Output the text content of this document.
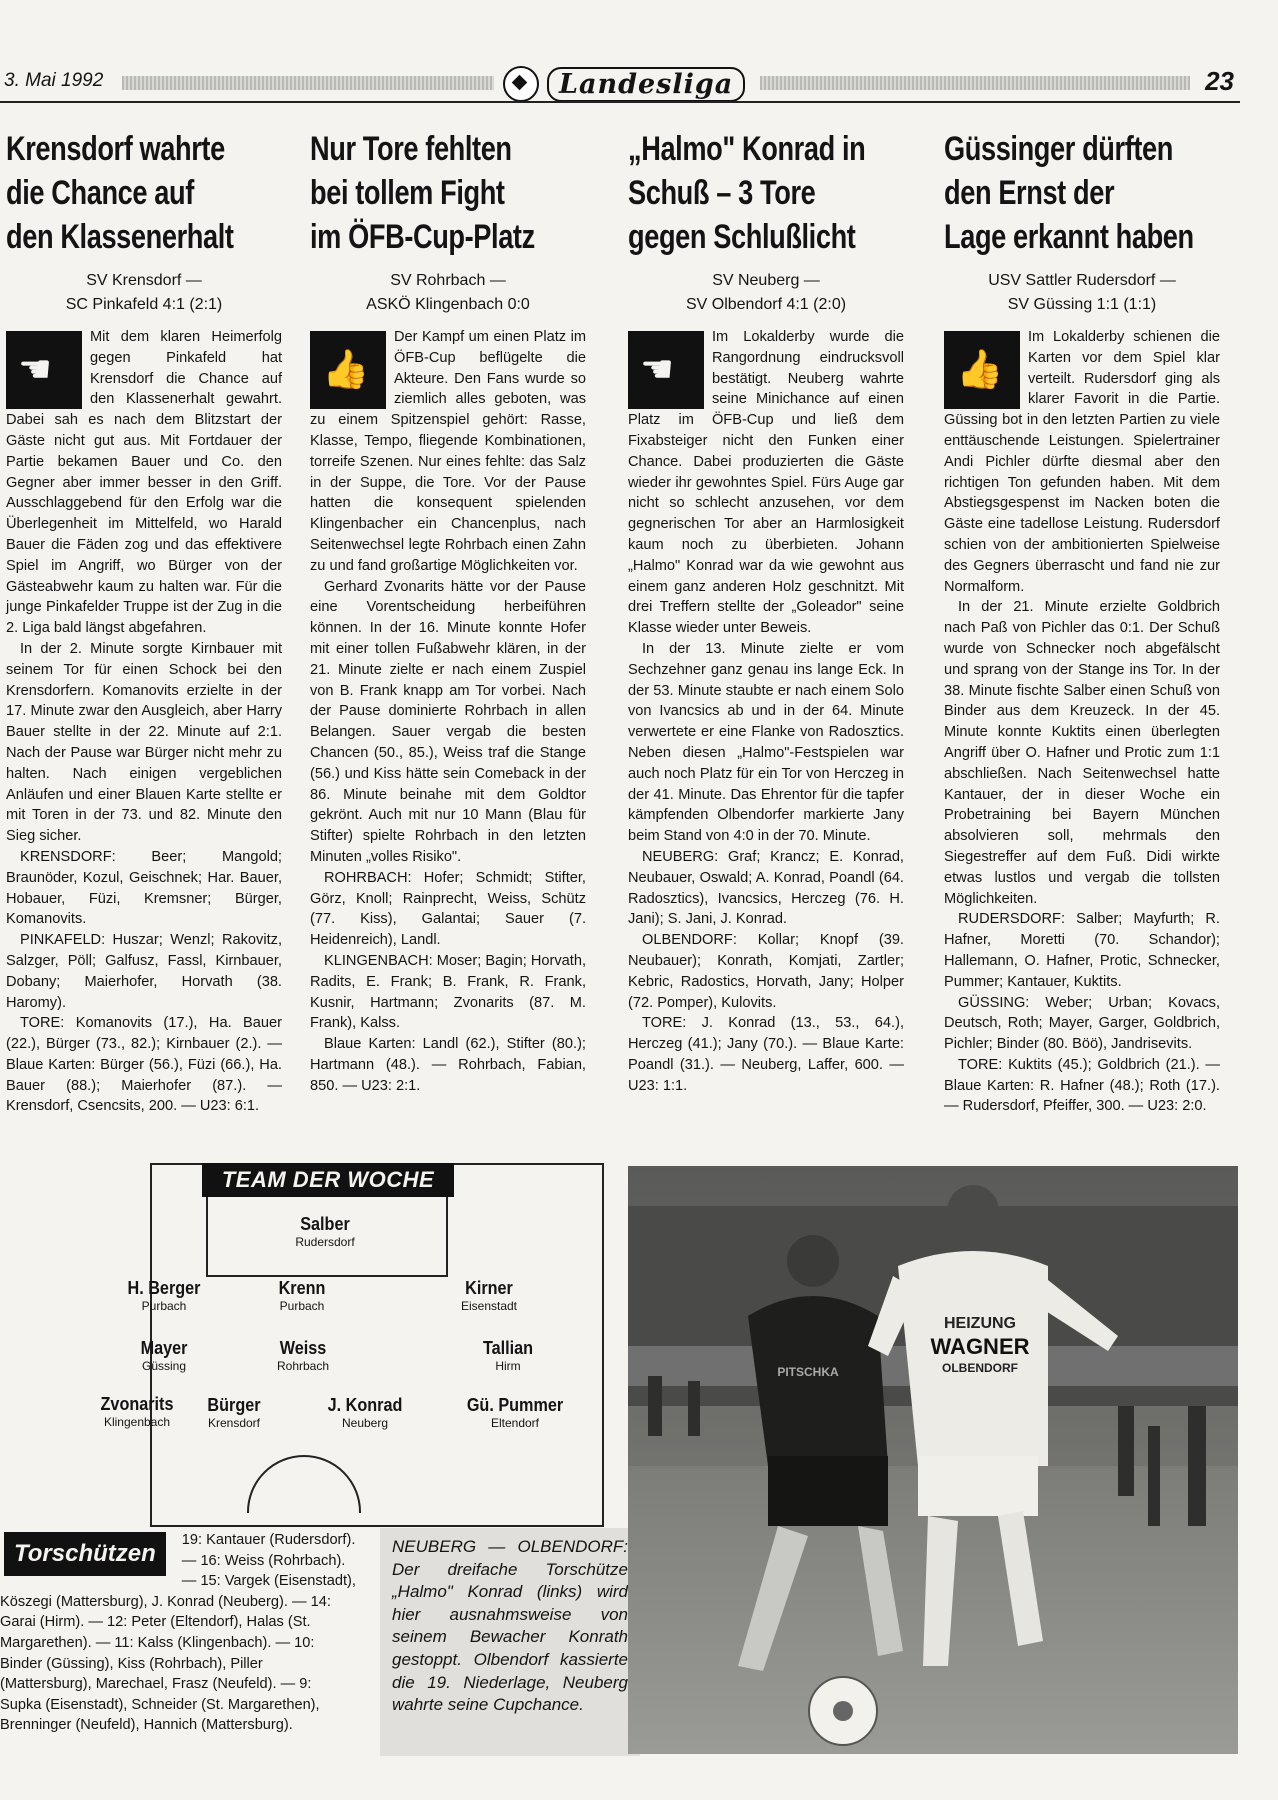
3. Mai 1992	Landesliga	23
Krensdorf wahrte
die Chance auf
den Klassenerhalt
SV Krensdorf —
SC Pinkafeld 4:1 (2:1)
☚

Mit dem klaren Heimerfolg gegen Pinkafeld hat Krensdorf die Chance auf den Klassenerhalt gewahrt. Dabei sah es nach dem Blitzstart der Gäste nicht gut aus. Mit Fortdauer der Partie bekamen Bauer und Co. den Gegner aber immer besser in den Griff. Ausschlaggebend für den Erfolg war die Überlegenheit im Mittelfeld, wo Harald Bauer die Fäden zog und das effektivere Spiel im Angriff, wo Bürger von der Gästeabwehr kaum zu halten war. Für die junge Pinkafelder Truppe ist der Zug in die 2. Liga bald längst abgefahren.

In der 2. Minute sorgte Kirnbauer mit seinem Tor für einen Schock bei den Krensdorfern. Komanovits erzielte in der 17. Minute zwar den Ausgleich, aber Harry Bauer stellte in der 22. Minute auf 2:1. Nach der Pause war Bürger nicht mehr zu halten. Nach einigen vergeblichen Anläufen und einer Blauen Karte stellte er mit Toren in der 73. und 82. Minute den Sieg sicher.

KRENSDORF: Beer; Mangold; Braunöder, Kozul, Geischnek; Har. Bauer, Hobauer, Füzi, Kremsner; Bürger, Komanovits.

PINKAFELD: Huszar; Wenzl; Rakovitz, Salzger, Pöll; Galfusz, Fassl, Kirnbauer, Dobany; Maierhofer, Horvath (38. Haromy).

TORE: Komanovits (17.), Ha. Bauer (22.), Bürger (73., 82.); Kirnbauer (2.). — Blaue Karten: Bürger (56.), Füzi (66.), Ha. Bauer (88.); Maierhofer (87.). — Krensdorf, Csencsits, 200. — U23: 6:1.

Nur Tore fehlten
bei tollem Fight
im ÖFB-Cup-Platz
SV Rohrbach —
ASKÖ Klingenbach 0:0
👍

Der Kampf um einen Platz im ÖFB-Cup beflügelte die Akteure. Den Fans wurde so ziemlich alles geboten, was zu einem Spitzenspiel gehört: Rasse, Klasse, Tempo, fliegende Kombinationen, torreife Szenen. Nur eines fehlte: das Salz in der Suppe, die Tore. Vor der Pause hatten die konsequent spielenden Klingenbacher ein Chancenplus, nach Seitenwechsel legte Rohrbach einen Zahn zu und fand großartige Möglichkeiten vor.

Gerhard Zvonarits hätte vor der Pause eine Vorentscheidung herbeiführen können. In der 16. Minute konnte Hofer mit einer tollen Fußabwehr klären, in der 21. Minute zielte er nach einem Zuspiel von B. Frank knapp am Tor vorbei. Nach der Pause dominierte Rohrbach in allen Belangen. Sauer vergab die besten Chancen (50., 85.), Weiss traf die Stange (56.) und Kiss hätte sein Comeback in der 86. Minute beinahe mit dem Goldtor gekrönt. Auch mit nur 10 Mann (Blau für Stifter) spielte Rohrbach in den letzten Minuten „volles Risiko".

ROHRBACH: Hofer; Schmidt; Stifter, Görz, Knoll; Rainprecht, Weiss, Schütz (77. Kiss), Galantai; Sauer (7. Heidenreich), Landl.

KLINGENBACH: Moser; Bagin; Horvath, Radits, E. Frank; B. Frank, R. Frank, Kusnir, Hartmann; Zvonarits (87. M. Frank), Kalss.

Blaue Karten: Landl (62.), Stifter (80.); Hartmann (48.). — Rohrbach, Fabian, 850. — U23: 2:1.

„Halmo" Konrad in
Schuß – 3 Tore
gegen Schlußlicht
SV Neuberg —
SV Olbendorf 4:1 (2:0)
☚

Im Lokalderby wurde die Rangordnung eindrucksvoll bestätigt. Neuberg wahrte seine Minichance auf einen Platz im ÖFB-Cup und ließ dem Fixabsteiger nicht den Funken einer Chance. Dabei produzierten die Gäste wieder ihr gewohntes Spiel. Fürs Auge gar nicht so schlecht anzusehen, vor dem gegnerischen Tor aber an Harmlosigkeit kaum noch zu überbieten. Johann „Halmo" Konrad war da wie gewohnt aus einem ganz anderen Holz geschnitzt. Mit drei Treffern stellte der „Goleador" seine Klasse wieder unter Beweis.

In der 13. Minute zielte er vom Sechzehner ganz genau ins lange Eck. In der 53. Minute staubte er nach einem Solo von Ivancsics ab und in der 64. Minute verwertete er eine Flanke von Radosztics. Neben diesen „Halmo"-Festspielen war auch noch Platz für ein Tor von Herczeg in der 41. Minute. Das Ehrentor für die tapfer kämpfenden Olbendorfer markierte Jany beim Stand von 4:0 in der 70. Minute.

NEUBERG: Graf; Krancz; E. Konrad, Neubauer, Oswald; A. Konrad, Poandl (64. Radosztics), Ivancsics, Herczeg (76. H. Jani); S. Jani, J. Konrad.

OLBENDORF: Kollar; Knopf (39. Neubauer); Konrath, Komjati, Zartler; Kebric, Radostics, Horvath, Jany; Holper (72. Pomper), Kulovits.

TORE: J. Konrad (13., 53., 64.), Herczeg (41.); Jany (70.). — Blaue Karte: Poandl (31.). — Neuberg, Laffer, 600. — U23: 1:1.

Güssinger dürften
den Ernst der
Lage erkannt haben
USV Sattler Rudersdorf —
SV Güssing 1:1 (1:1)
👍

Im Lokalderby schienen die Karten vor dem Spiel klar verteilt. Rudersdorf ging als klarer Favorit in die Partie. Güssing bot in den letzten Partien zu viele enttäuschende Leistungen. Spielertrainer Andi Pichler dürfte diesmal aber den richtigen Ton gefunden haben. Mit dem Abstiegsgespenst im Nacken boten die Gäste eine tadellose Leistung. Rudersdorf schien von der ambitionierten Spielweise des Gegners überrascht und fand nie zur Normalform.

In der 21. Minute erzielte Goldbrich nach Paß von Pichler das 0:1. Der Schuß wurde von Schnecker noch abgefälscht und sprang von der Stange ins Tor. In der 38. Minute fischte Salber einen Schuß von Binder aus dem Kreuzeck. In der 45. Minute konnte Kuktits einen überlegten Angriff über O. Hafner und Protic zum 1:1 abschließen. Nach Seitenwechsel hatte Kantauer, der in dieser Woche ein Probetraining bei Bayern München absolvieren soll, mehrmals den Siegestreffer auf dem Fuß. Didi wirkte etwas lustlos und vergab die tollsten Möglichkeiten.

RUDERSDORF: Salber; Mayfurth; R. Hafner, Moretti (70. Schandor); Hallemann, O. Hafner, Protic, Schnecker, Pummer; Kantauer, Kuktits.

GÜSSING: Weber; Urban; Kovacs, Deutsch, Roth; Mayer, Garger, Goldbrich, Pichler; Binder (80. Böö), Jandrisevits.

TORE: Kuktits (45.); Goldbrich (21.). — Blaue Karten: R. Hafner (48.); Roth (17.). — Rudersdorf, Pfeiffer, 300. — U23: 2:0.

TEAM DER WOCHE
Salber
Rudersdorf
H. Berger
Purbach
Krenn
Purbach
Kirner
Eisenstadt
Mayer
Güssing
Weiss
Rohrbach
Tallian
Hirm
Zvonarits
Klingenbach
Bürger
Krensdorf
J. Konrad
Neuberg
Gü. Pummer
Eltendorf
Torschützen	19: Kantauer (Rudersdorf). — 16: Weiss (Rohrbach). — 15: Vargek (Eisenstadt), Köszegi (Mattersburg), J. Konrad (Neuberg). — 14: Garai (Hirm). — 12: Peter (Eltendorf), Halas (St. Margarethen). — 11: Kalss (Klingenbach). — 10: Binder (Güssing), Kiss (Rohrbach), Piller (Mattersburg), Marechael, Frasz (Neufeld). — 9: Supka (Eisenstadt), Schneider (St. Margarethen), Brenninger (Neufeld), Hannich (Mattersburg).
NEUBERG — OLBENDORF: Der dreifache Torschütze „Halmo" Konrad (links) wird hier ausnahmsweise von seinem Bewacher Konrath gestoppt. Olbendorf kassierte die 19. Niederlage, Neuberg wahrte seine Cupchance.
HEIZUNG
WAGNER
OLBENDORF
PITSCHKA
